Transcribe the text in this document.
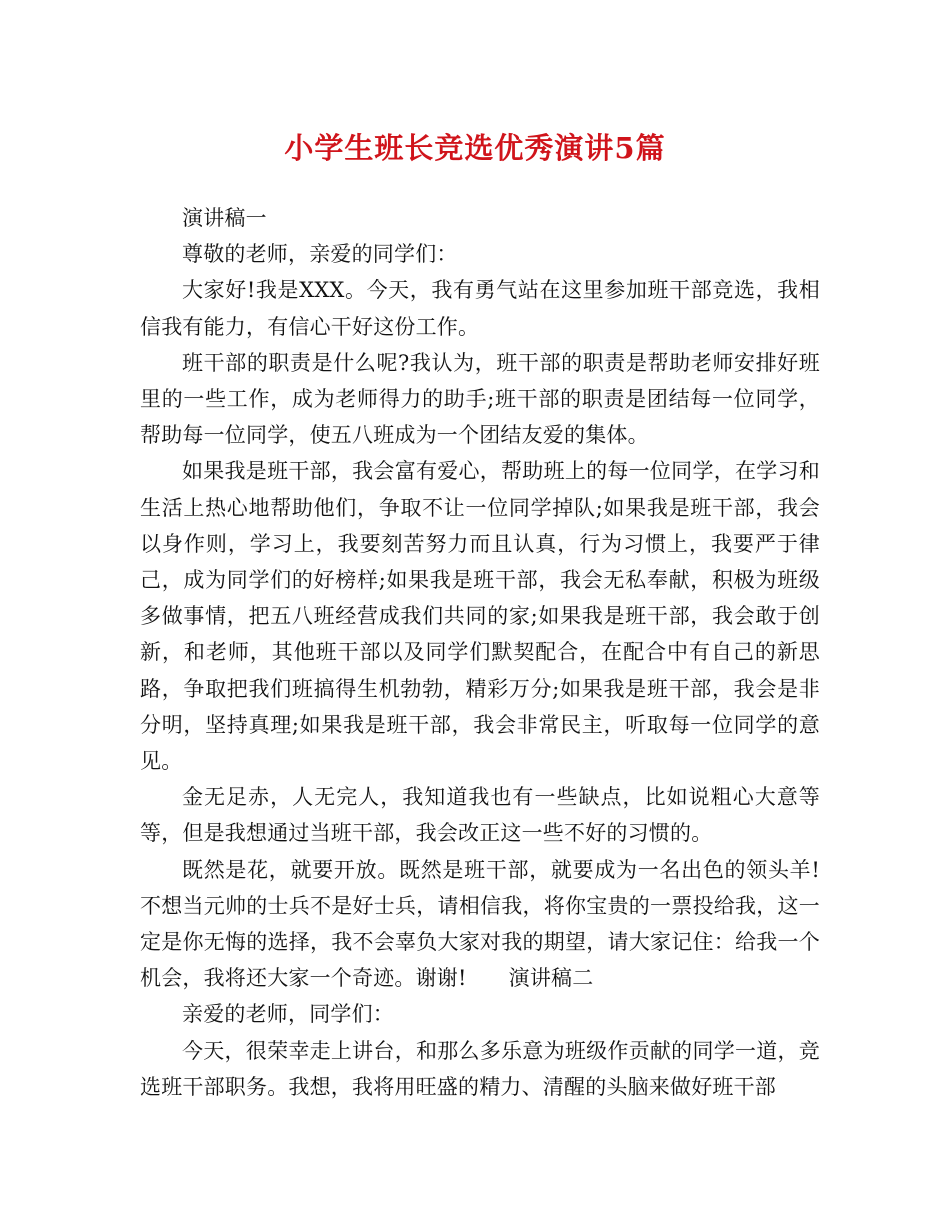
小学生班长竞选优秀演讲5篇

演讲稿一

尊敬的老师，亲爱的同学们：

大家好!我是XXX。今天，我有勇气站在这里参加班干部竞选，我相信我有能力，有信心干好这份工作。

班干部的职责是什么呢?我认为，班干部的职责是帮助老师安排好班里的一些工作，成为老师得力的助手;班干部的职责是团结每一位同学，帮助每一位同学，使五八班成为一个团结友爱的集体。

如果我是班干部，我会富有爱心，帮助班上的每一位同学，在学习和生活上热心地帮助他们，争取不让一位同学掉队;如果我是班干部，我会以身作则，学习上，我要刻苦努力而且认真，行为习惯上，我要严于律己，成为同学们的好榜样;如果我是班干部，我会无私奉献，积极为班级多做事情，把五八班经营成我们共同的家;如果我是班干部，我会敢于创新，和老师，其他班干部以及同学们默契配合，在配合中有自己的新思路，争取把我们班搞得生机勃勃，精彩万分;如果我是班干部，我会是非分明，坚持真理;如果我是班干部，我会非常民主，听取每一位同学的意见。

金无足赤，人无完人，我知道我也有一些缺点，比如说粗心大意等等，但是我想通过当班干部，我会改正这一些不好的习惯的。

既然是花，就要开放。既然是班干部，就要成为一名出色的领头羊!不想当元帅的士兵不是好士兵，请相信我，将你宝贵的一票投给我，这一定是你无悔的选择，我不会辜负大家对我的期望，请大家记住：给我一个机会，我将还大家一个奇迹。谢谢! 演讲稿二

亲爱的老师，同学们：

今天，很荣幸走上讲台，和那么多乐意为班级作贡献的同学一道，竞选班干部职务。我想，我将用旺盛的精力、清醒的头脑来做好班干部
